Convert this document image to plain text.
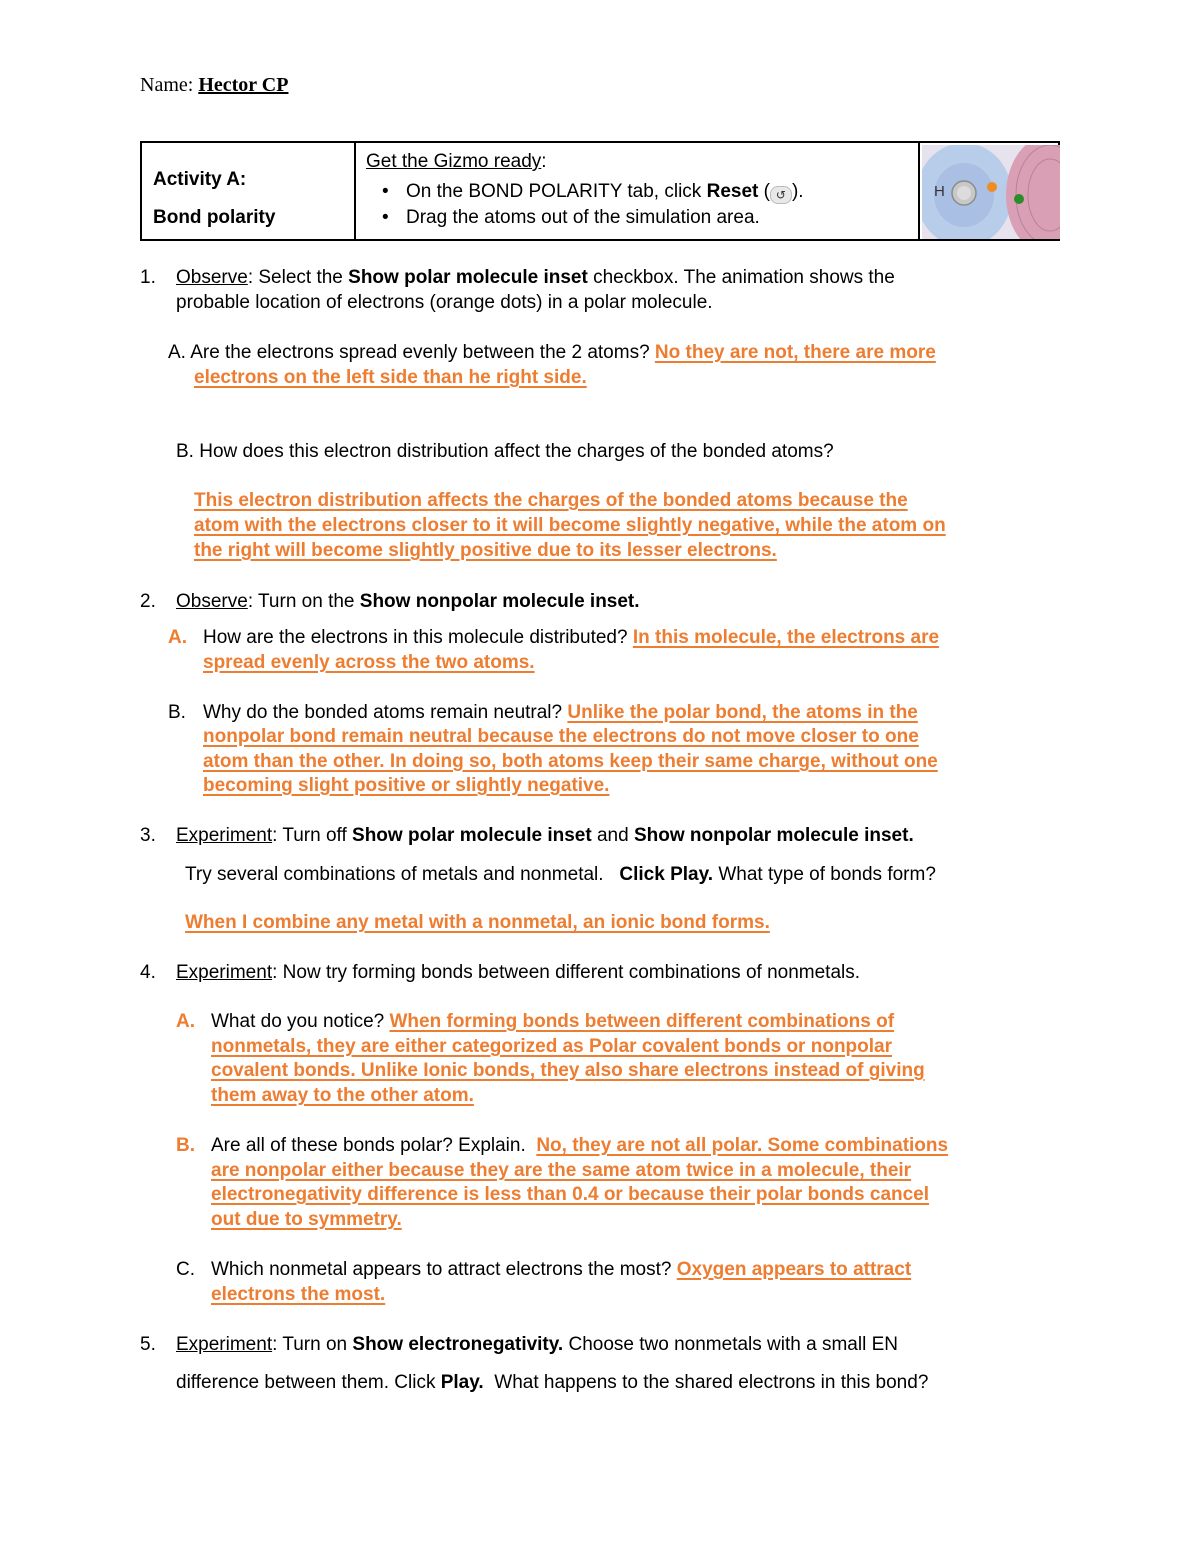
Name: Hector CP
Activity A:
Bond polarity

Get the Gizmo ready:
• On the BOND POLARITY tab, click Reset ( ↺ ).
• Drag the atoms out of the simulation area.

H
1. Observe: Select the Show polar molecule inset checkbox. The animation shows the
probable location of electrons (orange dots) in a polar molecule.
A. Are the electrons spread evenly between the 2 atoms? No they are not, there are more
electrons on the left side than he right side.
B. How does this electron distribution affect the charges of the bonded atoms?
This electron distribution affects the charges of the bonded atoms because the
atom with the electrons closer to it will become slightly negative, while the atom on
the right will become slightly positive due to its lesser electrons.
2. Observe: Turn on the Show nonpolar molecule inset.
A. How are the electrons in this molecule distributed? In this molecule, the electrons are
spread evenly across the two atoms.
B. Why do the bonded atoms remain neutral? Unlike the polar bond, the atoms in the
nonpolar bond remain neutral because the electrons do not move closer to one
atom than the other. In doing so, both atoms keep their same charge, without one
becoming slight positive or slightly negative.
3. Experiment: Turn off Show polar molecule inset and Show nonpolar molecule inset.
Try several combinations of metals and nonmetal. Click Play. What type of bonds form?
When I combine any metal with a nonmetal, an ionic bond forms.
4. Experiment: Now try forming bonds between different combinations of nonmetals.
A. What do you notice? When forming bonds between different combinations of
nonmetals, they are either categorized as Polar covalent bonds or nonpolar
covalent bonds. Unlike Ionic bonds, they also share electrons instead of giving
them away to the other atom.
B. Are all of these bonds polar? Explain. No, they are not all polar. Some combinations
are nonpolar either because they are the same atom twice in a molecule, their
electronegativity difference is less than 0.4 or because their polar bonds cancel
out due to symmetry.
C. Which nonmetal appears to attract electrons the most? Oxygen appears to attract
electrons the most.
5. Experiment: Turn on Show electronegativity. Choose two nonmetals with a small EN
difference between them. Click Play. What happens to the shared electrons in this bond?
